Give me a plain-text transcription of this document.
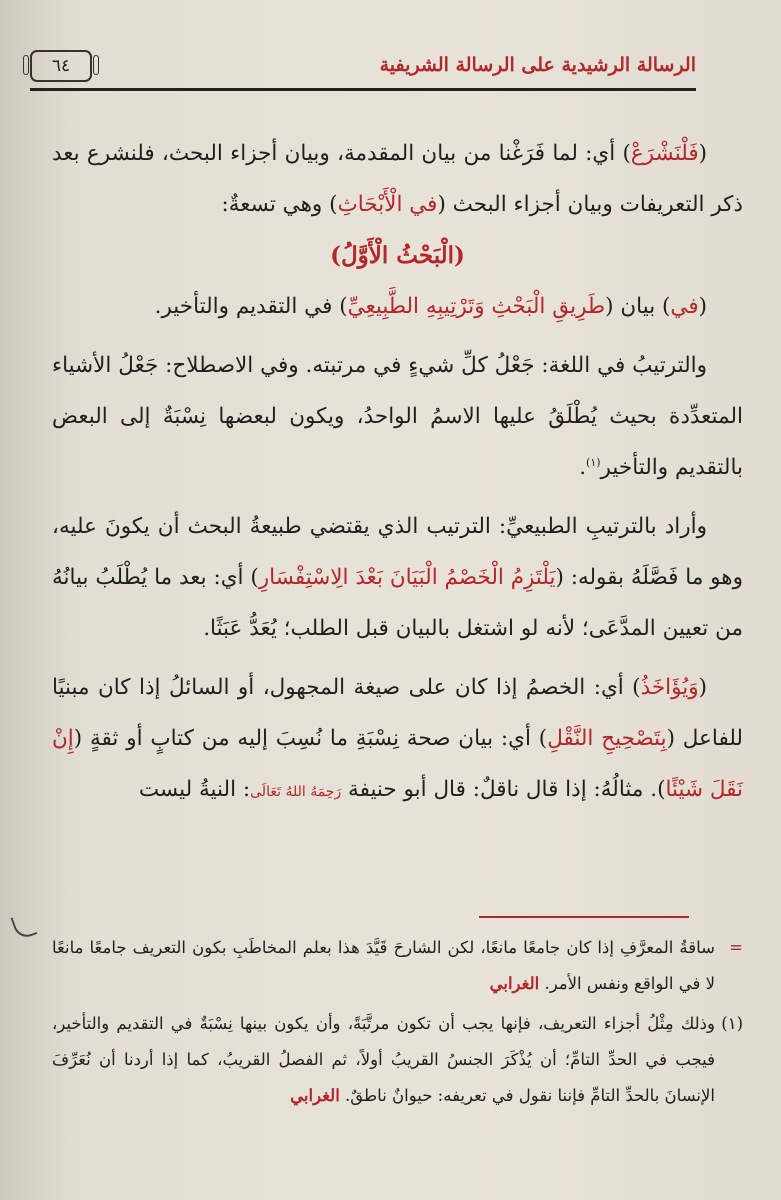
الرسالة الرشيدية على الرسالة الشريفية
٦٤

(فَلْنَشْرَعْ) أي: لما فَرَغْنا من بيان المقدمة، وبيان أجزاء البحث، فلنشرع بعد ذكر التعريفات وبيان أجزاء البحث (في الْأَبْحَاثِ) وهي تسعةٌ:

(الْبَحْثُ الْأَوَّلُ)

(في) بيان (طَرِيقِ الْبَحْثِ وَتَرْتِيبِهِ الطَّبِيعِيِّ) في التقديم والتأخير.

والترتيبُ في اللغة: جَعْلُ كلِّ شيءٍ في مرتبته. وفي الاصطلاح: جَعْلُ الأشياء المتعدِّدة بحيث يُطْلَقُ عليها الاسمُ الواحدُ، ويكون لبعضها نِسْبَةٌ إلى البعض بالتقديم والتأخير$^{(١)}$.

وأراد بالترتيبِ الطبيعيِّ: الترتيب الذي يقتضي طبيعةُ البحث أن يكونَ عليه، وهو ما فَصَّلَهُ بقوله: (يَلْتَزِمُ الْخَصْمُ الْبَيَانَ بَعْدَ الِاسْتِفْسَارِ) أي: بعد ما يُطْلَبُ بيانُهُ من تعيين المدَّعَى؛ لأنه لو اشتغل بالبيان قبل الطلب؛ يُعَدُّ عَبَثًا.

(وَيُؤَاخَذُ) أي: الخصمُ إذا كان على صيغة المجهول، أو السائلُ إذا كان مبنيًا للفاعل (بِتَصْحِيحِ النَّقْلِ) أي: بيان صحة نِسْبَةِ ما نُسِبَ إليه من كتابٍ أو ثقةٍ (إِنْ نَقَلَ شَيْئًا). مثالُهُ: إذا قال ناقلٌ: قال أبو حنيفة رَحِمَهُ اللهُ تَعَالَى: النيةُ ليست

=
ساقةُ المعرَّفِ إذا كان جامعًا مانعًا، لكن الشارحَ قَيَّدَ هذا بعلم المخاطَبِ بكون التعريف جامعًا مانعًا لا في الواقع ونفس الأمر. الغرابي

(١)
وذلك مِثْلُ أجزاء التعريف، فإنها يجب أن تكون مرتَّبَةً، وأن يكون بينها نِسْبَةٌ في التقديم والتأخير، فيجب في الحدِّ التامِّ؛ أن يُذْكَرَ الجنسُ القريبُ أولاً، ثم الفصلُ القريبُ، كما إذا أردنا أن نُعَرِّفَ الإنسانَ بالحدِّ التامِّ فإننا نقول في تعريفه: حيوانٌ ناطقٌ. الغرابي
